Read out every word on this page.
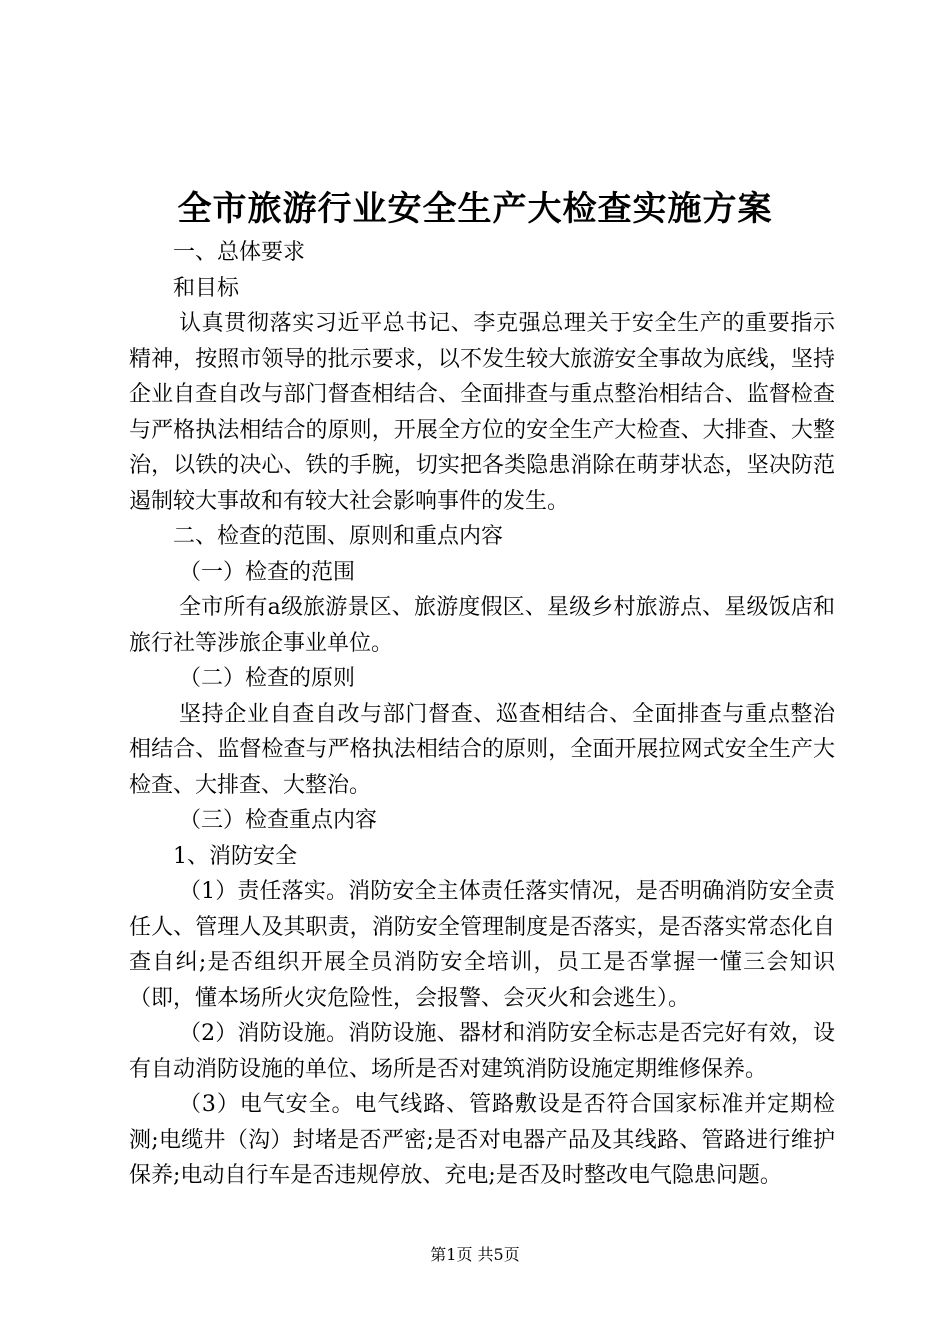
全市旅游行业安全生产大检查实施方案

一、总体要求

和目标

认真贯彻落实习近平总书记、李克强总理关于安全生产的重要指示精神，按照市领导的批示要求，以不发生较大旅游安全事故为底线，坚持企业自查自改与部门督查相结合、全面排查与重点整治相结合、监督检查与严格执法相结合的原则，开展全方位的安全生产大检查、大排查、大整治，以铁的决心、铁的手腕，切实把各类隐患消除在萌芽状态，坚决防范遏制较大事故和有较大社会影响事件的发生。

二、检查的范围、原则和重点内容

（一）检查的范围

全市所有a级旅游景区、旅游度假区、星级乡村旅游点、星级饭店和旅行社等涉旅企事业单位。

（二）检查的原则

坚持企业自查自改与部门督查、巡查相结合、全面排查与重点整治相结合、监督检查与严格执法相结合的原则，全面开展拉网式安全生产大检查、大排查、大整治。

（三）检查重点内容

1、消防安全

（1）责任落实。消防安全主体责任落实情况，是否明确消防安全责任人、管理人及其职责，消防安全管理制度是否落实，是否落实常态化自查自纠;是否组织开展全员消防安全培训，员工是否掌握一懂三会知识（即，懂本场所火灾危险性，会报警、会灭火和会逃生）。

（2）消防设施。消防设施、器材和消防安全标志是否完好有效，设有自动消防设施的单位、场所是否对建筑消防设施定期维修保养。

（3）电气安全。电气线路、管路敷设是否符合国家标准并定期检测;电缆井（沟）封堵是否严密;是否对电器产品及其线路、管路进行维护保养;电动自行车是否违规停放、充电;是否及时整改电气隐患问题。

第1页 共5页
